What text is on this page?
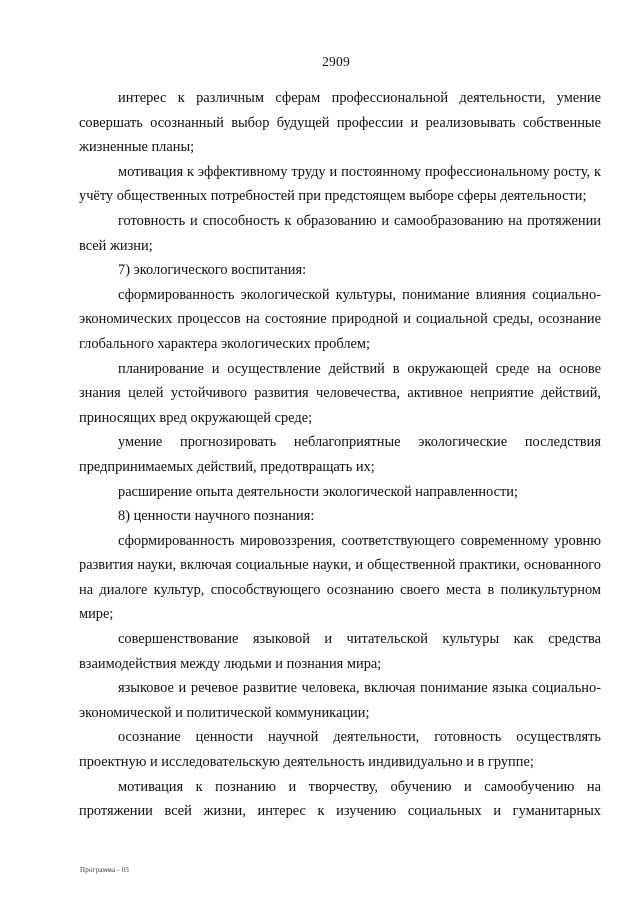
2909

интерес к различным сферам профессиональной деятельности, умение совершать осознанный выбор будущей профессии и реализовывать собственные жизненные планы;

мотивация к эффективному труду и постоянному профессиональному росту, к учёту общественных потребностей при предстоящем выборе сферы деятельности;

готовность и способность к образованию и самообразованию на протяжении всей жизни;

7) экологического воспитания:

сформированность экологической культуры, понимание влияния социально-экономических процессов на состояние природной и социальной среды, осознание глобального характера экологических проблем;

планирование и осуществление действий в окружающей среде на основе знания целей устойчивого развития человечества, активное неприятие действий, приносящих вред окружающей среде;

умение прогнозировать неблагоприятные экологические последствия предпринимаемых действий, предотвращать их;

расширение опыта деятельности экологической направленности;

8) ценности научного познания:

сформированность мировоззрения, соответствующего современному уровню развития науки, включая социальные науки, и общественной практики, основанного на диалоге культур, способствующего осознанию своего места в поликультурном мире;

совершенствование языковой и читательской культуры как средства взаимодействия между людьми и познания мира;

языковое и речевое развитие человека, включая понимание языка социально-экономической и политической коммуникации;

осознание ценности научной деятельности, готовность осуществлять проектную и исследовательскую деятельность индивидуально и в группе;

мотивация к познанию и творчеству, обучению и самообучению на протяжении всей жизни, интерес к изучению социальных и гуманитарных

Программа - 03
